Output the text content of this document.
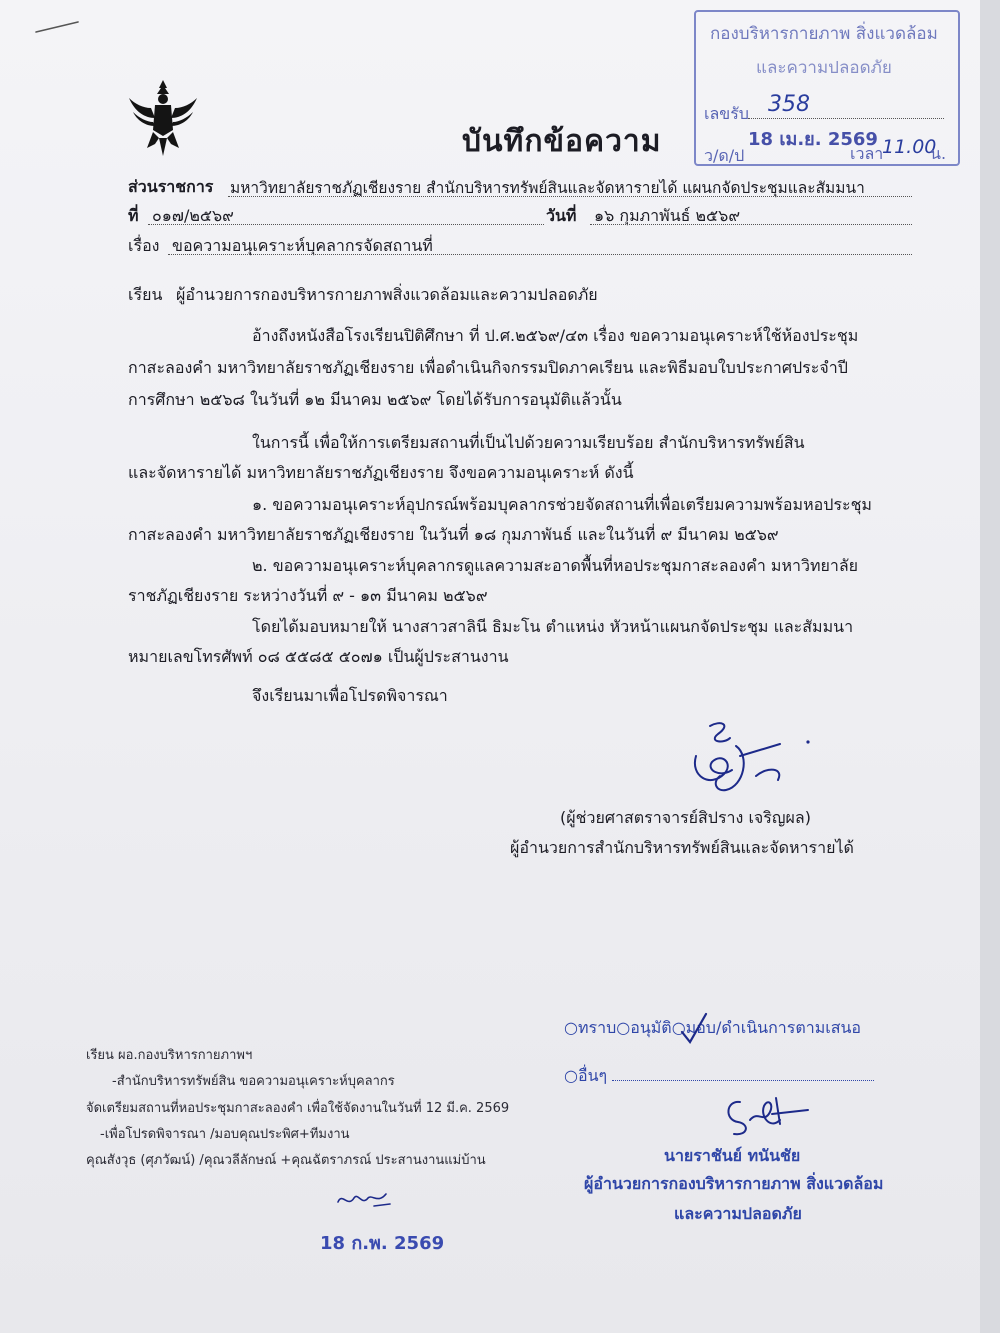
บันทึกข้อความ
กองบริหารกายภาพ สิ่งแวดล้อม
และความปลอดภัย
เลขรับ 358
18 เม.ย. 2569
ว/ด/ป	เวลา
11.00
น.
ส่วนราชการ มหาวิทยาลัยราชภัฏเชียงราย สำนักบริหารทรัพย์สินและจัดหารายได้ แผนกจัดประชุมและสัมมนา
ที่ ๐๑๗/๒๕๖๙	วันที่ ๑๖ กุมภาพันธ์ ๒๕๖๙
เรื่อง ขอความอนุเคราะห์บุคลากรจัดสถานที่
เรียน ผู้อำนวยการกองบริหารกายภาพสิ่งแวดล้อมและความปลอดภัย
อ้างถึงหนังสือโรงเรียนปิติศึกษา ที่ ป.ศ.๒๕๖๙/๔๓ เรื่อง ขอความอนุเคราะห์ใช้ห้องประชุม
กาสะลองคำ มหาวิทยาลัยราชภัฏเชียงราย เพื่อดำเนินกิจกรรมปิดภาคเรียน และพิธีมอบใบประกาศประจำปี
การศึกษา ๒๕๖๘ ในวันที่ ๑๒ มีนาคม ๒๕๖๙ โดยได้รับการอนุมัติแล้วนั้น
ในการนี้ เพื่อให้การเตรียมสถานที่เป็นไปด้วยความเรียบร้อย สำนักบริหารทรัพย์สิน
และจัดหารายได้ มหาวิทยาลัยราชภัฏเชียงราย จึงขอความอนุเคราะห์ ดังนี้
๑. ขอความอนุเคราะห์อุปกรณ์พร้อมบุคลากรช่วยจัดสถานที่เพื่อเตรียมความพร้อมหอประชุม
กาสะลองคำ มหาวิทยาลัยราชภัฏเชียงราย ในวันที่ ๑๘ กุมภาพันธ์ และในวันที่ ๙ มีนาคม ๒๕๖๙
๒. ขอความอนุเคราะห์บุคลากรดูแลความสะอาดพื้นที่หอประชุมกาสะลองคำ มหาวิทยาลัย
ราชภัฏเชียงราย ระหว่างวันที่ ๙ - ๑๓ มีนาคม ๒๕๖๙
โดยได้มอบหมายให้ นางสาวสาลินี ธิมะโน ตำแหน่ง หัวหน้าแผนกจัดประชุม และสัมมนา
หมายเลขโทรศัพท์ ๐๘ ๕๕๘๕ ๕๐๗๑ เป็นผู้ประสานงาน
จึงเรียนมาเพื่อโปรดพิจารณา
(ผู้ช่วยศาสตราจารย์สิปราง เจริญผล)
ผู้อำนวยการสำนักบริหารทรัพย์สินและจัดหารายได้
○ทราบ○อนุมัติ○มอบ/ดำเนินการตามเสนอ
○อื่นๆ
นายราชันย์ ทนันชัย
ผู้อำนวยการกองบริหารกายภาพ สิ่งแวดล้อม
และความปลอดภัย
เรียน ผอ.กองบริหารกายภาพฯ
-สำนักบริหารทรัพย์สิน ขอความอนุเคราะห์บุคลากร
จัดเตรียมสถานที่หอประชุมกาสะลองคำ เพื่อใช้จัดงานในวันที่ 12 มี.ค. 2569
-เพื่อโปรดพิจารณา /มอบคุณประพิศ+ทีมงาน
คุณสังวุธ (ศุภวัฒน์) /คุณวลีลักษณ์ +คุณฉัตราภรณ์ ประสานงานแม่บ้าน
18 ก.พ. 2569
